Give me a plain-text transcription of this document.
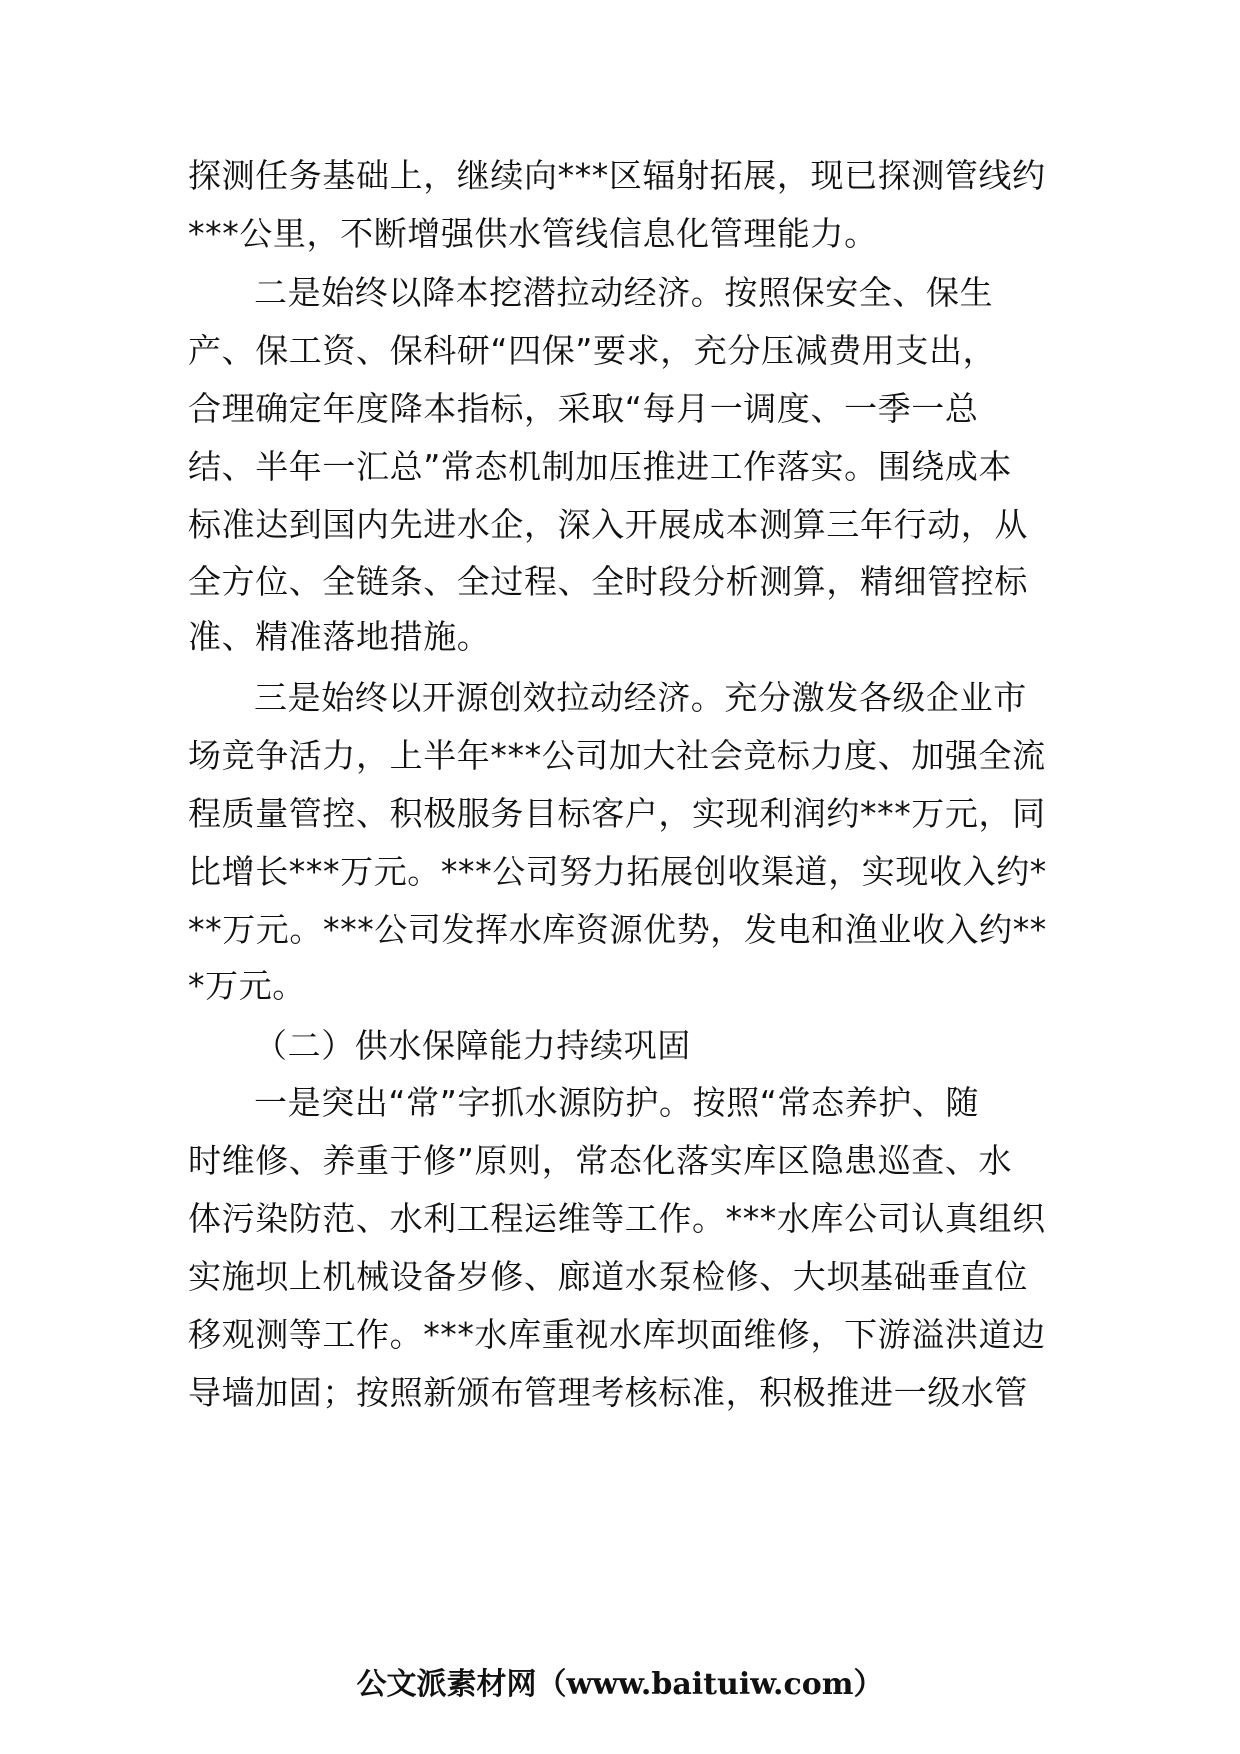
探测任务基础上，继续向***区辐射拓展，现已探测管线约
***公里，不断增强供水管线信息化管理能力。
二是始终以降本挖潜拉动经济。按照保安全、保生
产、保工资、保科研“四保”要求，充分压减费用支出，
合理确定年度降本指标，采取“每月一调度、一季一总
结、半年一汇总”常态机制加压推进工作落实。围绕成本
标准达到国内先进水企，深入开展成本测算三年行动，从
全方位、全链条、全过程、全时段分析测算，精细管控标
准、精准落地措施。
三是始终以开源创效拉动经济。充分激发各级企业市
场竞争活力，上半年***公司加大社会竞标力度、加强全流
程质量管控、积极服务目标客户，实现利润约***万元，同
比增长***万元。***公司努力拓展创收渠道，实现收入约*
**万元。***公司发挥水库资源优势，发电和渔业收入约**
*万元。
（二）供水保障能力持续巩固
一是突出“常”字抓水源防护。按照“常态养护、随
时维修、养重于修”原则，常态化落实库区隐患巡查、水
体污染防范、水利工程运维等工作。***水库公司认真组织
实施坝上机械设备岁修、廊道水泵检修、大坝基础垂直位
移观测等工作。***水库重视水库坝面维修，下游溢洪道边
导墙加固；按照新颁布管理考核标准，积极推进一级水管
公文派素材网（www.baituiw.com）
